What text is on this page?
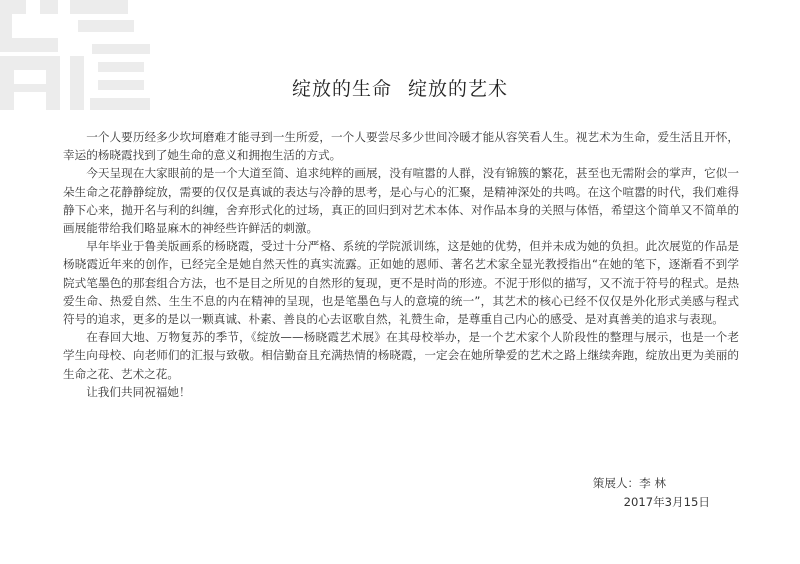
绽放的生命 绽放的艺术

一个人要历经多少坎坷磨难才能寻到一生所爱，一个人要尝尽多少世间冷暖才能从容笑看人生。视艺术为生命，爱生活且开怀，幸运的杨晓霞找到了她生命的意义和拥抱生活的方式。

今天呈现在大家眼前的是一个大道至简、追求纯粹的画展，没有喧嚣的人群，没有锦簇的繁花，甚至也无需附会的掌声，它似一朵生命之花静静绽放，需要的仅仅是真诚的表达与冷静的思考，是心与心的汇聚，是精神深处的共鸣。在这个喧嚣的时代，我们难得静下心来，抛开名与利的纠缠，舍弃形式化的过场，真正的回归到对艺术本体、对作品本身的关照与体悟，希望这个简单又不简单的画展能带给我们略显麻木的神经些许鲜活的刺激。

早年毕业于鲁美版画系的杨晓霞，受过十分严格、系统的学院派训练，这是她的优势，但并未成为她的负担。此次展览的作品是杨晓霞近年来的创作，已经完全是她自然天性的真实流露。正如她的恩师、著名艺术家全显光教授指出“在她的笔下，逐渐看不到学院式笔墨色的那套组合方法，也不是目之所见的自然形的复现，更不是时尚的形迹。不泥于形似的描写，又不流于符号的程式。是热爱生命、热爱自然、生生不息的内在精神的呈现，也是笔墨色与人的意境的统一”，其艺术的核心已经不仅仅是外化形式美感与程式符号的追求，更多的是以一颗真诚、朴素、善良的心去讴歌自然，礼赞生命，是尊重自己内心的感受、是对真善美的追求与表现。

在春回大地、万物复苏的季节，《绽放——杨晓霞艺术展》在其母校举办，是一个艺术家个人阶段性的整理与展示，也是一个老学生向母校、向老师们的汇报与致敬。相信勤奋且充满热情的杨晓霞，一定会在她所挚爱的艺术之路上继续奔跑，绽放出更为美丽的生命之花、艺术之花。

让我们共同祝福她！

策展人：李 林
2017年3月15日
